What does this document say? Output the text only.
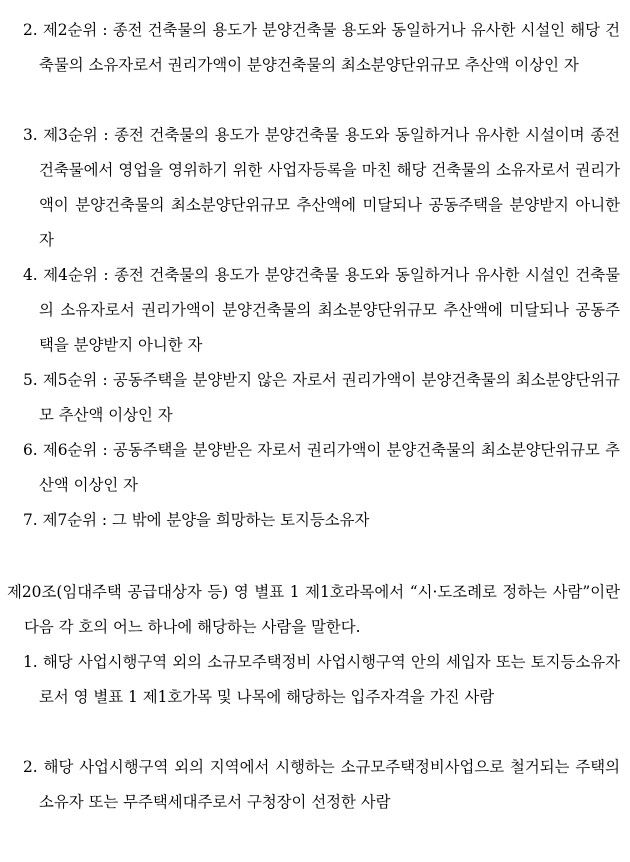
2. 제2순위 : 종전 건축물의 용도가 분양건축물 용도와 동일하거나 유사한 시설인 해당 건축물의 소유자로서 권리가액이 분양건축물의 최소분양단위규모 추산액 이상인 자
3. 제3순위 : 종전 건축물의 용도가 분양건축물 용도와 동일하거나 유사한 시설이며 종전 건축물에서 영업을 영위하기 위한 사업자등록을 마친 해당 건축물의 소유자로서 권리가액이 분양건축물의 최소분양단위규모 추산액에 미달되나 공동주택을 분양받지 아니한 자
4. 제4순위 : 종전 건축물의 용도가 분양건축물 용도와 동일하거나 유사한 시설인 건축물의 소유자로서 권리가액이 분양건축물의 최소분양단위규모 추산액에 미달되나 공동주택을 분양받지 아니한 자
5. 제5순위 : 공동주택을 분양받지 않은 자로서 권리가액이 분양건축물의 최소분양단위규모 추산액 이상인 자
6. 제6순위 : 공동주택을 분양받은 자로서 권리가액이 분양건축물의 최소분양단위규모 추산액 이상인 자
7. 제7순위 : 그 밖에 분양을 희망하는 토지등소유자
제20조(임대주택 공급대상자 등) 영 별표 1 제1호라목에서 “시·도조례로 정하는 사람”이란 다음 각 호의 어느 하나에 해당하는 사람을 말한다.
1. 해당 사업시행구역 외의 소규모주택정비 사업시행구역 안의 세입자 또는 토지등소유자로서 영 별표 1 제1호가목 및 나목에 해당하는 입주자격을 가진 사람
2. 해당 사업시행구역 외의 지역에서 시행하는 소규모주택정비사업으로 철거되는 주택의 소유자 또는 무주택세대주로서 구청장이 선정한 사람
